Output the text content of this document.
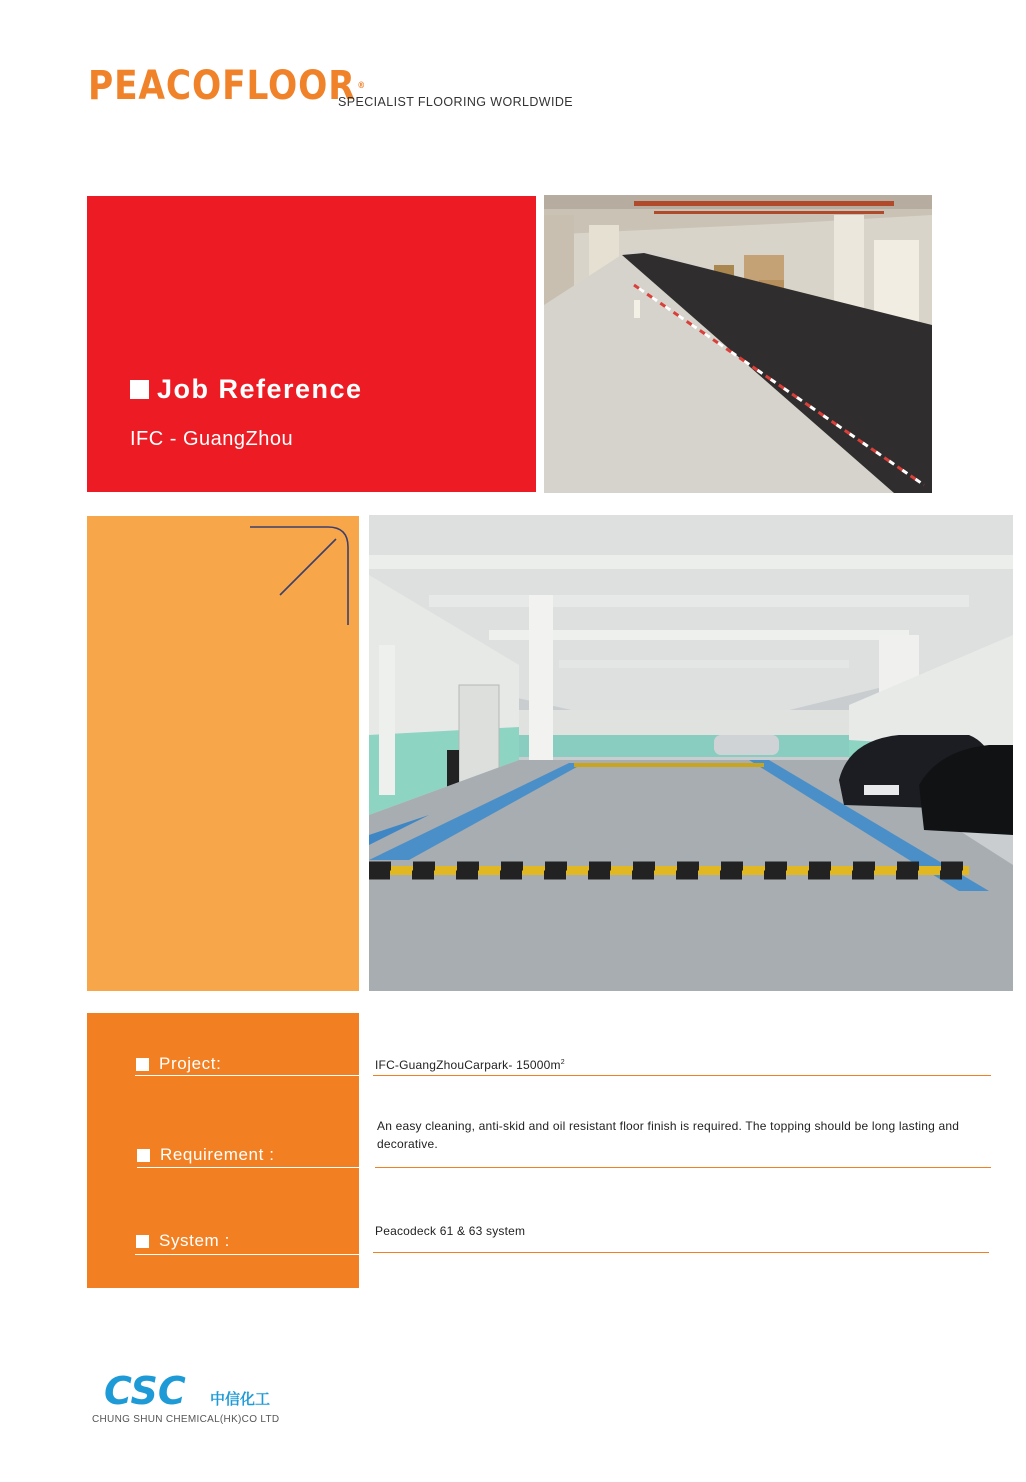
PEACOFLOOR ®
SPECIALIST FLOORING WORLDWIDE
Job Reference
IFC - GuangZhou
Project:	IFC-GuangZhouCarpark- $15000m^2$
Requirement :
An easy cleaning, anti-skid and oil resistant floor finish is required. The topping should be long lasting and decorative.
System :	Peacodeck 61 & 63 system
CSC 中信化工
CHUNG SHUN CHEMICAL(HK)CO LTD
